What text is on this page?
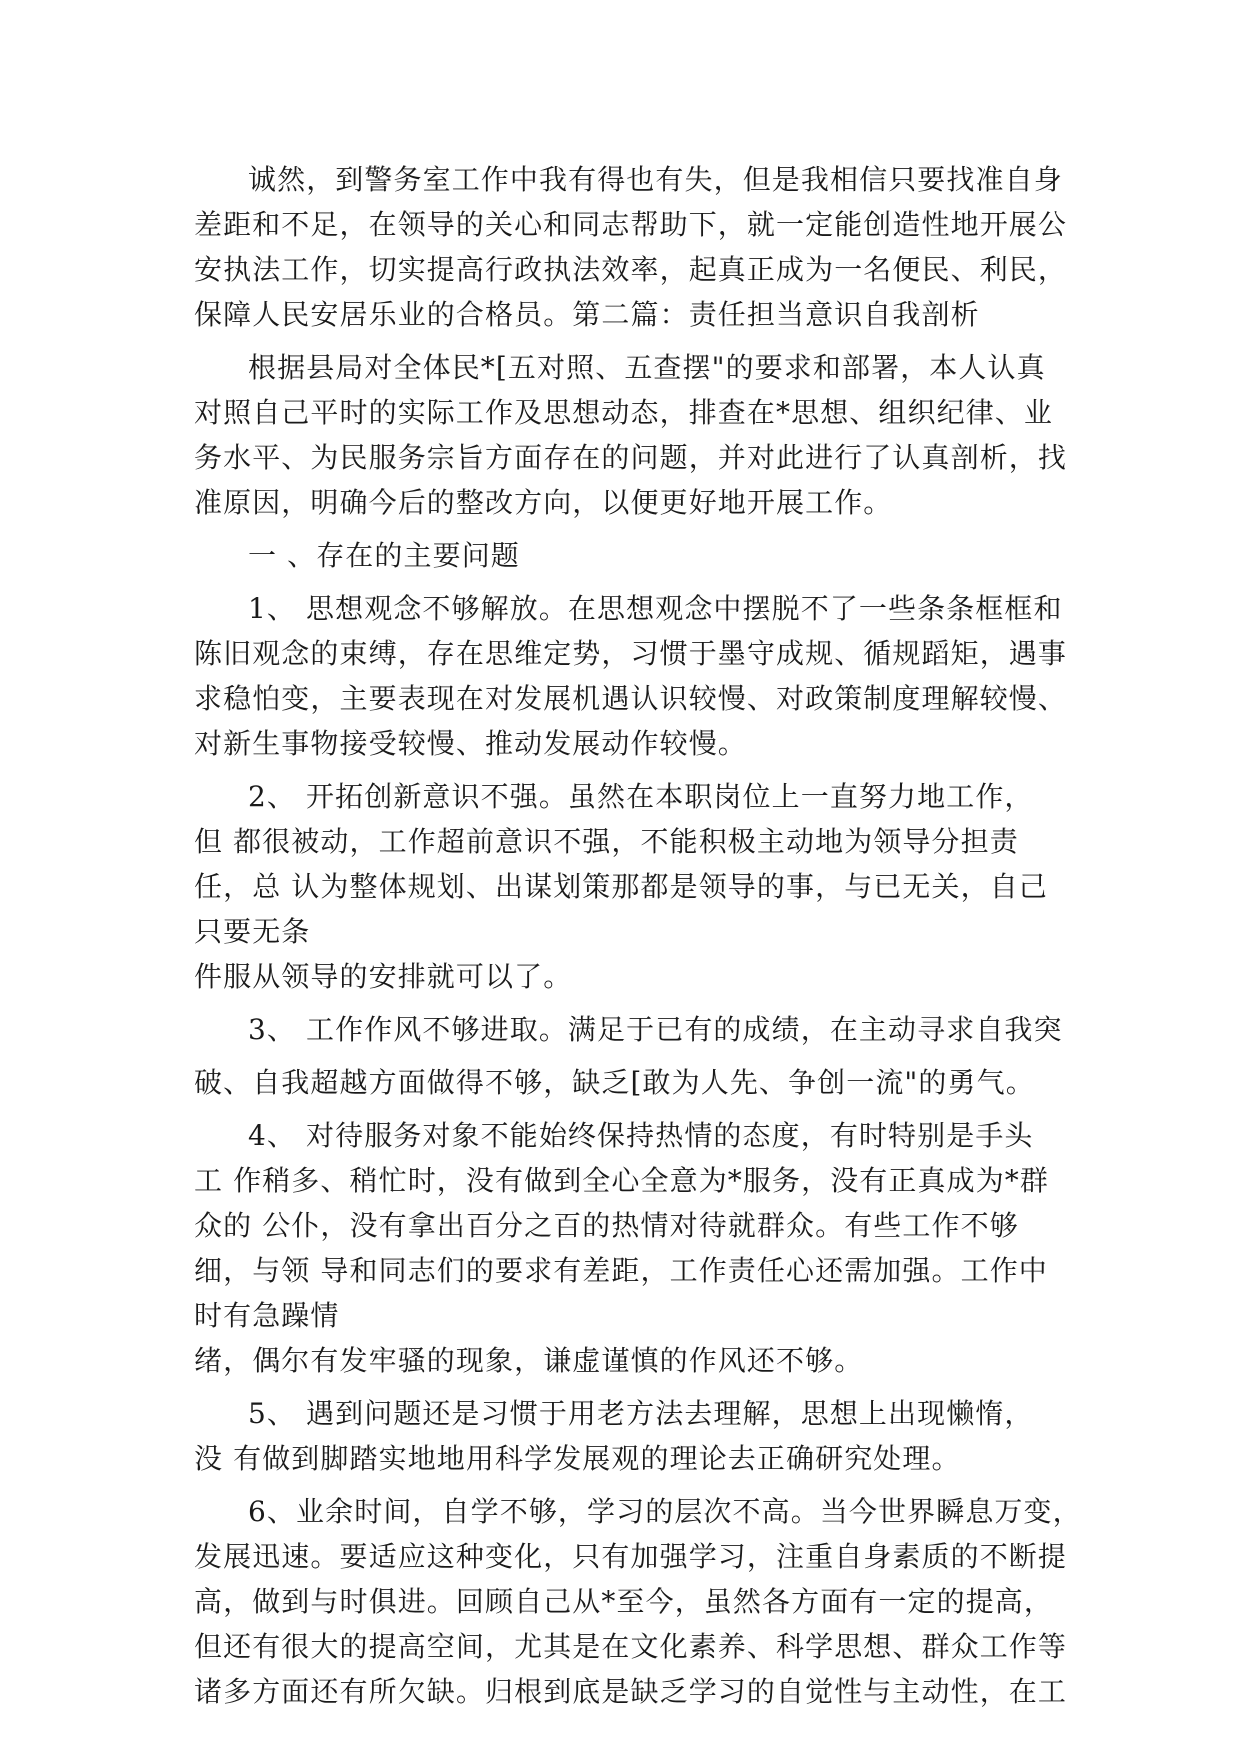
诚然，到警务室工作中我有得也有失，但是我相信只要找准自身
差距和不足，在领导的关心和同志帮助下，就一定能创造性地开展公
安执法工作，切实提高行政执法效率，起真正成为一名便民、利民，
保障人民安居乐业的合格员。第二篇：责任担当意识自我剖析
根据县局对全体民*[五对照、五查摆"的要求和部署，本人认真
对照自己平时的实际工作及思想动态，排查在*思想、组织纪律、业
务水平、为民服务宗旨方面存在的问题，并对此进行了认真剖析，找
准原因，明确今后的整改方向，以便更好地开展工作。
一 、存在的主要问题
1、 思想观念不够解放。在思想观念中摆脱不了一些条条框框和
陈旧观念的束缚，存在思维定势，习惯于墨守成规、循规蹈矩，遇事
求稳怕变，主要表现在对发展机遇认识较慢、对政策制度理解较慢、
对新生事物接受较慢、推动发展动作较慢。
2、 开拓创新意识不强。虽然在本职岗位上一直努力地工作，
但 都很被动，工作超前意识不强，不能积极主动地为领导分担责
任，总 认为整体规划、出谋划策那都是领导的事，与已无关，自己
只要无条
件服从领导的安排就可以了。
3、 工作作风不够进取。满足于已有的成绩，在主动寻求自我突
破、自我超越方面做得不够，缺乏[敢为人先、争创一流"的勇气。
4、 对待服务对象不能始终保持热情的态度，有时特别是手头
工 作稍多、稍忙时，没有做到全心全意为*服务，没有正真成为*群
众的 公仆，没有拿出百分之百的热情对待就群众。有些工作不够
细，与领 导和同志们的要求有差距，工作责任心还需加强。工作中
时有急躁情
绪，偶尔有发牢骚的现象，谦虚谨慎的作风还不够。
5、 遇到问题还是习惯于用老方法去理解，思想上出现懒惰，
没 有做到脚踏实地地用科学发展观的理论去正确研究处理。
6、业余时间，自学不够，学习的层次不高。当今世界瞬息万变，
发展迅速。要适应这种变化，只有加强学习，注重自身素质的不断提
高，做到与时俱进。回顾自己从*至今，虽然各方面有一定的提高，
但还有很大的提高空间，尤其是在文化素养、科学思想、群众工作等
诸多方面还有所欠缺。归根到底是缺乏学习的自觉性与主动性，在工
